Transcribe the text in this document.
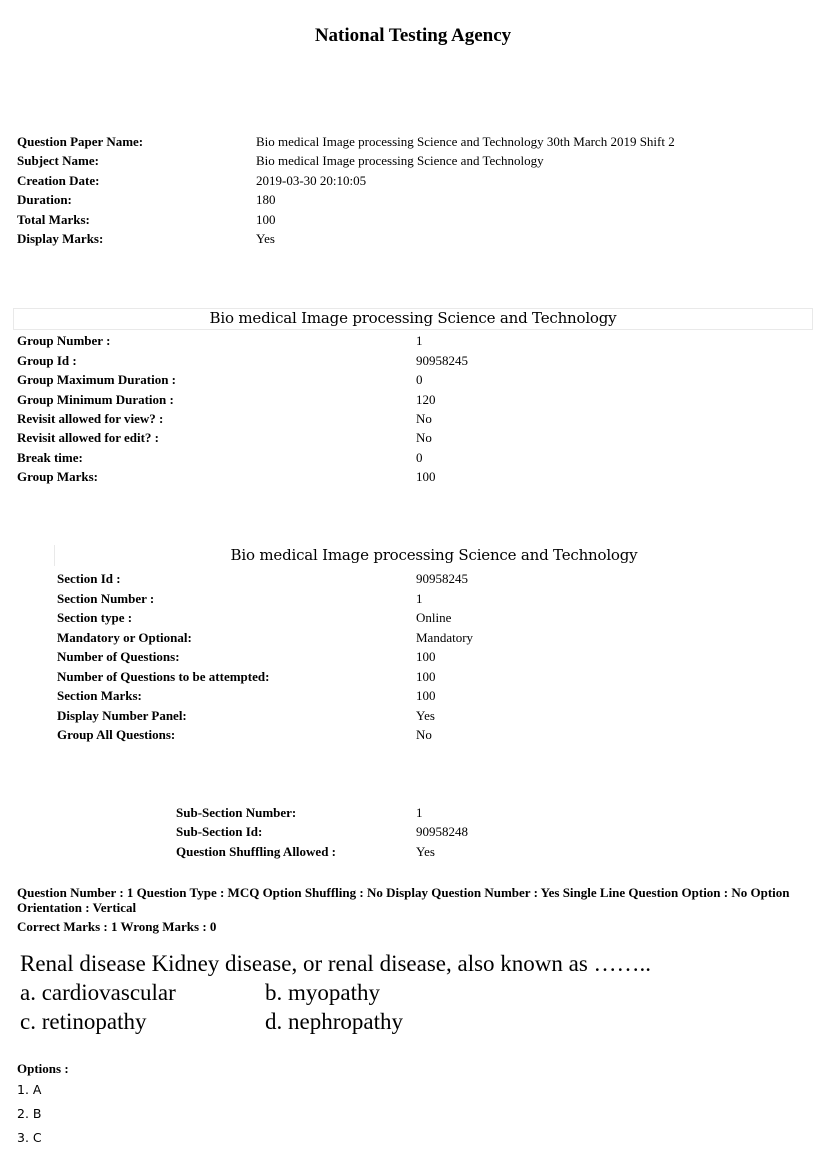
National Testing Agency
Question Paper Name:	Bio medical Image processing Science and Technology 30th March 2019 Shift 2
Subject Name:	Bio medical Image processing Science and Technology
Creation Date:	2019-03-30 20:10:05
Duration:	180
Total Marks:	100
Display Marks:	Yes
Bio medical Image processing Science and Technology
Group Number :	1
Group Id :	90958245
Group Maximum Duration :	0
Group Minimum Duration :	120
Revisit allowed for view? :	No
Revisit allowed for edit? :	No
Break time:	0
Group Marks:	100
Bio medical Image processing Science and Technology
Section Id :	90958245
Section Number :	1
Section type :	Online
Mandatory or Optional:	Mandatory
Number of Questions:	100
Number of Questions to be attempted:	100
Section Marks:	100
Display Number Panel:	Yes
Group All Questions:	No
Sub-Section Number:	1
Sub-Section Id:	90958248
Question Shuffling Allowed :	Yes
Question Number : 1 Question Type : MCQ Option Shuffling : No Display Question Number : Yes Single Line Question Option : No Option Orientation : Vertical
Correct Marks : 1 Wrong Marks : 0
Renal disease Kidney disease, or renal disease, also known as ……..
a. cardiovascular	b. myopathy
c. retinopathy	d. nephropathy
Options :
1. A
2. B
3. C
